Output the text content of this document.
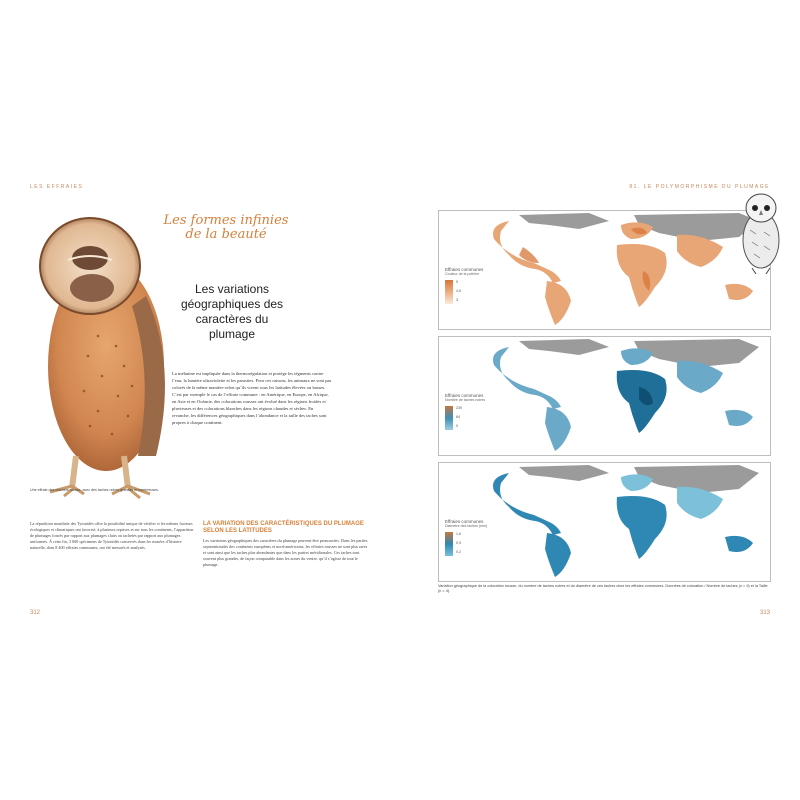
LES EFFRAIES	81. LE POLYMORPHISME DU PLUMAGE
Une effraie des clochers rousse, avec des taches noires grandes et nombreuses.
Les formes infinies de la beauté
Les variations géographiques des caractères du plumage
La mélanine est impliquée dans la thermorégulation et protège les tégments contre l’eau, la lumière ultraviolette et les parasites. Pour ces raisons, les animaux ne sont pas colorés de la même manière selon qu’ils vivent sous les latitudes élevées ou basses. C’est par exemple le cas de l’effraie commune : en Amérique, en Europe, en Afrique, en Asie et en Océanie, des colorations rousses ont évolué dans les régions froides et pluvieuses et des colorations blanches dans les régions chaudes et sèches. En revanche, les différences géographiques dans l’abondance et la taille des taches sont propres à chaque continent.
La répartition mondiale des Tytonidés offre la possibilité unique de vérifier si les mêmes facteurs écologiques et climatiques ont favorisé, à plusieurs reprises et sur tous les continents, l’apparition de plumages foncés par rapport aux plumages clairs ou tachetés par rapport aux plumages uniformes. À cette fin, 3 000 spécimens de Tytonidés conservés dans les musées d’histoire naturelle, dont 8 400 effraies communes, ont été mesurés et analysés.
LA VARIATION DES CARACTÉRISTIQUES DU PLUMAGE SELON LES LATITUDES
Les variations géographiques des caractères du plumage peuvent être prononcées. Dans les parties septentrionales des continents européens et nord-américains, les effraies rousses ne sont plus rares et sont ainsi que les taches plus abondantes que dans les parties méridionales. Ces taches sont souvent plus grandes, de façon comparable dans les zones du ventre, qu’il s’agisse de tout le plumage.
Effraies communes
Couleur de la poitrine
5
4,5
3
Effraies communes
Nombre de taches noires
239
64
0
Effraies communes
Diamètre des taches (mm)
1,6
0,9
0,2
Variation géographique de la coloration rousse, du nombre de taches noires et du diamètre de ces taches chez les effraies communes. Données de coloration / Nombre de taches (n = 9) et la Taille (n = 4).
312	313
